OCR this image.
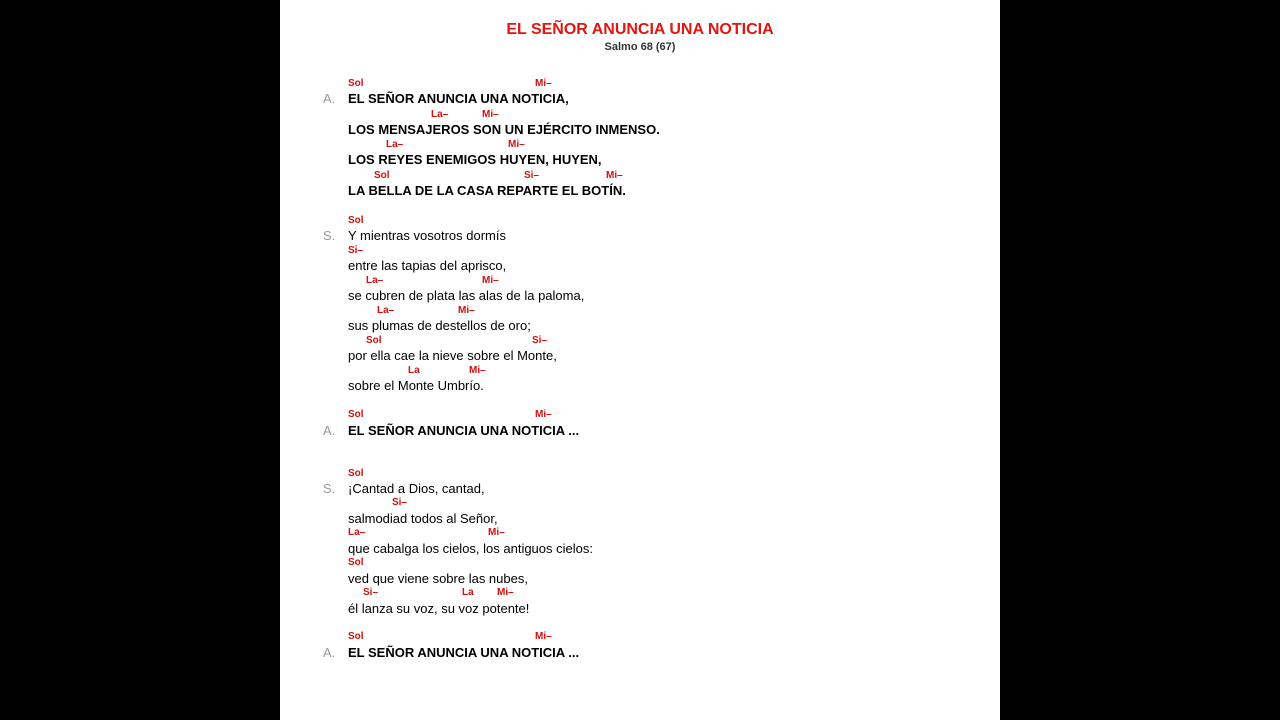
EL SEÑOR ANUNCIA UNA NOTICIA
Salmo 68 (67)
A.
Sol	Mi–
EL SEÑOR ANUNCIA UNA NOTICIA,
La–	Mi–
LOS MENSAJEROS SON UN EJÉRCITO INMENSO.
La–	Mi–
LOS REYES ENEMIGOS HUYEN, HUYEN,
Sol	Si–	Mi–
LA BELLA DE LA CASA REPARTE EL BOTÍN.
S.
Sol
Y mientras vosotros dormís
Si–
entre las tapias del aprisco,
La–	Mi–
se cubren de plata las alas de la paloma,
La–	Mi–
sus plumas de destellos de oro;
Sol	Si–
por ella cae la nieve sobre el Monte,
La	Mi–
sobre el Monte Umbrío.
A.
Sol	Mi–
EL SEÑOR ANUNCIA UNA NOTICIA ...
S.
Sol
¡Cantad a Dios, cantad,
Si–
salmodiad todos al Señor,
La–	Mi–
que cabalga los cielos, los antiguos cielos:
Sol
ved que viene sobre las nubes,
Si–	La Mi–
él lanza su voz, su voz potente!
A.
Sol	Mi–
EL SEÑOR ANUNCIA UNA NOTICIA ...
